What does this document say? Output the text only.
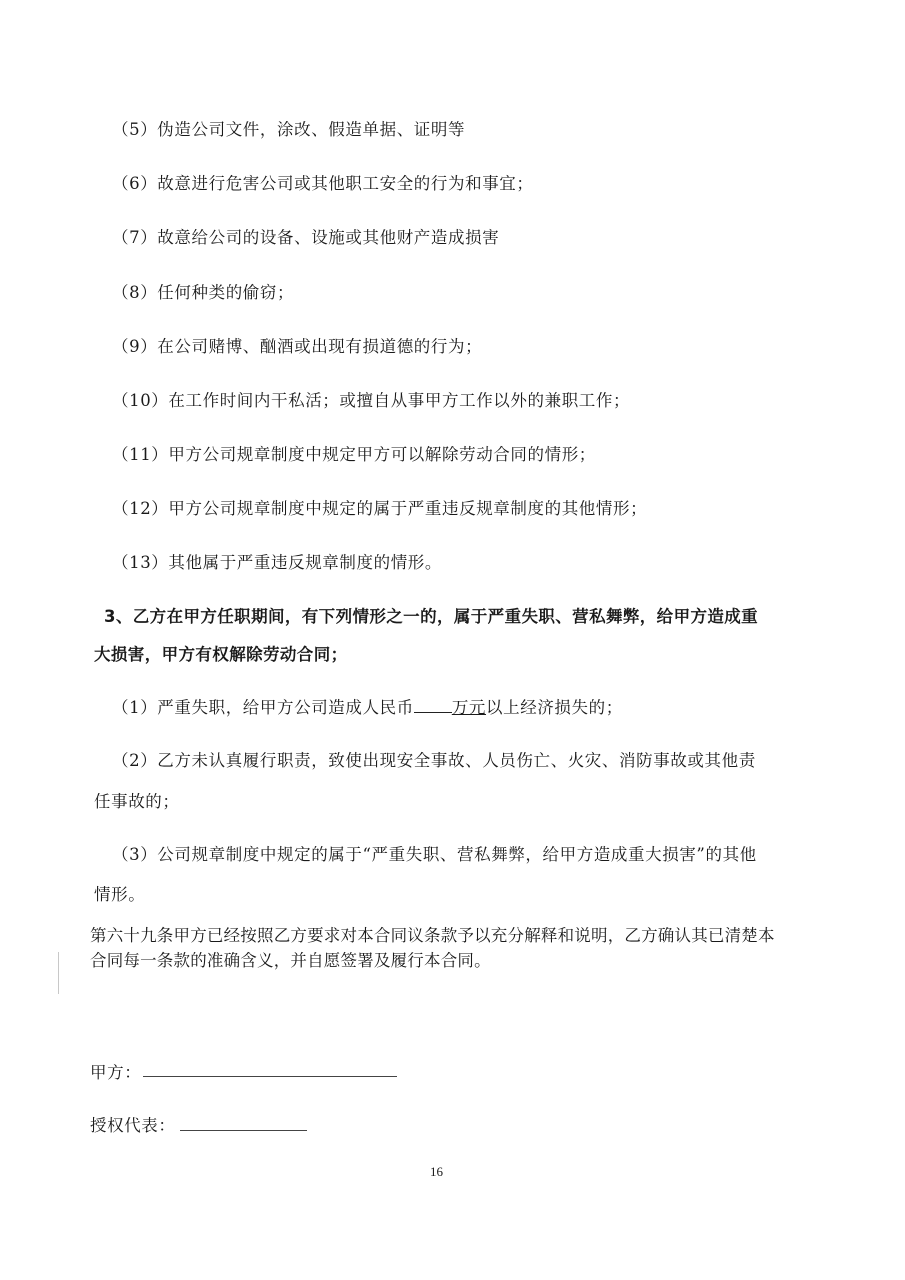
（5）伪造公司文件，涂改、假造单据、证明等
（6）故意进行危害公司或其他职工安全的行为和事宜；
（7）故意给公司的设备、设施或其他财产造成损害
（8）任何种类的偷窃；
（9）在公司赌博、酗酒或出现有损道德的行为；
（10）在工作时间内干私活；或擅自从事甲方工作以外的兼职工作；
（11）甲方公司规章制度中规定甲方可以解除劳动合同的情形；
（12）甲方公司规章制度中规定的属于严重违反规章制度的其他情形；
（13）其他属于严重违反规章制度的情形。
3、乙方在甲方任职期间，有下列情形之一的，属于严重失职、营私舞弊，给甲方造成重
大损害，甲方有权解除劳动合同；
（1）严重失职，给甲方公司造成人民币 万元以上经济损失的；
（2）乙方未认真履行职责，致使出现安全事故、人员伤亡、火灾、消防事故或其他责
任事故的；
（3）公司规章制度中规定的属于“严重失职、营私舞弊，给甲方造成重大损害”的其他
情形。
第六十九条甲方已经按照乙方要求对本合同议条款予以充分解释和说明，乙方确认其已清楚本
合同每一条款的准确含义，并自愿签署及履行本合同。
甲方：
授权代表：
16
